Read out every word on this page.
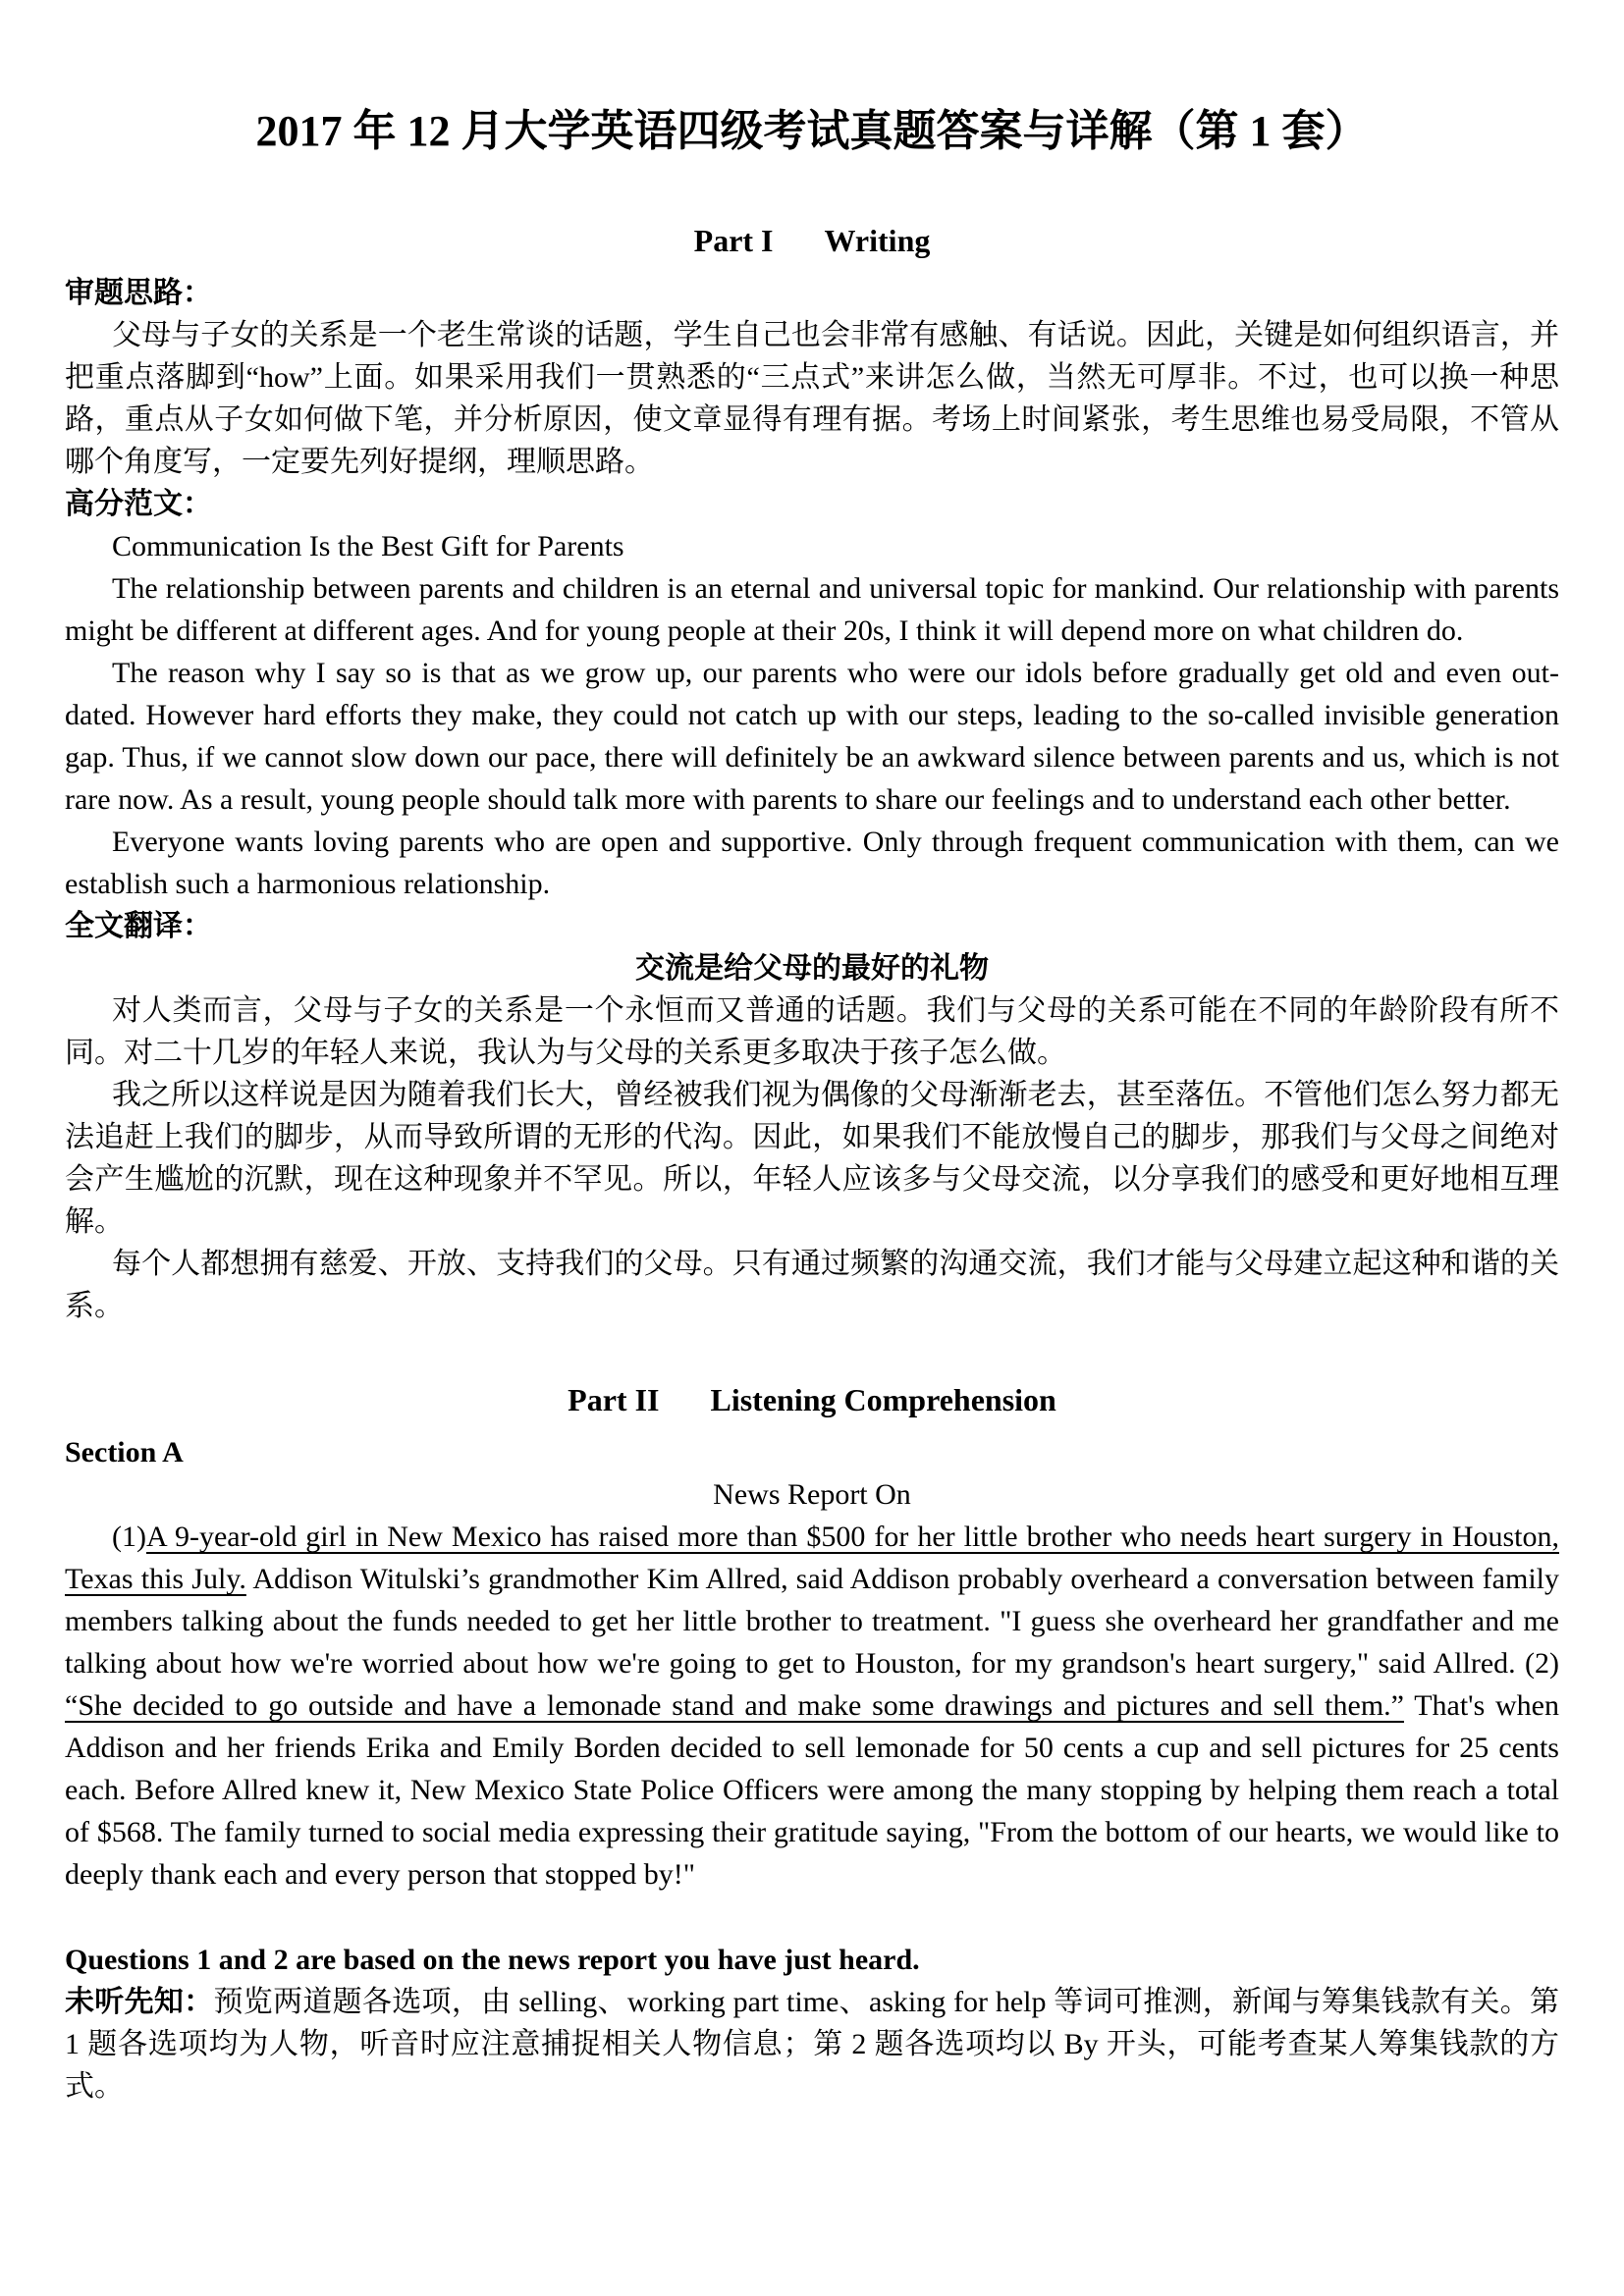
2017 年 12 月大学英语四级考试真题答案与详解（第 1 套）
Part I Writing
审题思路：

父母与子女的关系是一个老生常谈的话题，学生自己也会非常有感触、有话说。因此，关键是如何组织语言，并把重点落脚到“how”上面。如果采用我们一贯熟悉的“三点式”来讲怎么做，当然无可厚非。不过，也可以换一种思路，重点从子女如何做下笔，并分析原因，使文章显得有理有据。考场上时间紧张，考生思维也易受局限，不管从哪个角度写，一定要先列好提纲，理顺思路。

高分范文：

Communication Is the Best Gift for Parents

The relationship between parents and children is an eternal and universal topic for mankind. Our relationship with parents might be different at different ages. And for young people at their 20s, I think it will depend more on what children do.

The reason why I say so is that as we grow up, our parents who were our idols before gradually get old and even out-dated. However hard efforts they make, they could not catch up with our steps, leading to the so-called invisible generation gap. Thus, if we cannot slow down our pace, there will definitely be an awkward silence between parents and us, which is not rare now. As a result, young people should talk more with parents to share our feelings and to understand each other better.

Everyone wants loving parents who are open and supportive. Only through frequent communication with them, can we establish such a harmonious relationship.

全文翻译：
交流是给父母的最好的礼物

对人类而言，父母与子女的关系是一个永恒而又普通的话题。我们与父母的关系可能在不同的年龄阶段有所不同。对二十几岁的年轻人来说，我认为与父母的关系更多取决于孩子怎么做。

我之所以这样说是因为随着我们长大，曾经被我们视为偶像的父母渐渐老去，甚至落伍。不管他们怎么努力都无法追赶上我们的脚步，从而导致所谓的无形的代沟。因此，如果我们不能放慢自己的脚步，那我们与父母之间绝对会产生尴尬的沉默，现在这种现象并不罕见。所以，年轻人应该多与父母交流，以分享我们的感受和更好地相互理解。

每个人都想拥有慈爱、开放、支持我们的父母。只有通过频繁的沟通交流，我们才能与父母建立起这种和谐的关系。

Part II Listening Comprehension
Section A
News Report On

(1)A 9-year-old girl in New Mexico has raised more than $500 for her little brother who needs heart surgery in Houston, Texas this July. Addison Witulski’s grandmother Kim Allred, said Addison probably overheard a conversation between family members talking about the funds needed to get her little brother to treatment. "I guess she overheard her grandfather and me talking about how we're worried about how we're going to get to Houston, for my grandson's heart surgery," said Allred. (2) “She decided to go outside and have a lemonade stand and make some drawings and pictures and sell them.” That's when Addison and her friends Erika and Emily Borden decided to sell lemonade for 50 cents a cup and sell pictures for 25 cents each. Before Allred knew it, New Mexico State Police Officers were among the many stopping by helping them reach a total of $568. The family turned to social media expressing their gratitude saying, "From the bottom of our hearts, we would like to deeply thank each and every person that stopped by!"

Questions 1 and 2 are based on the news report you have just heard.

未听先知：预览两道题各选项，由 selling、working part time、asking for help 等词可推测，新闻与筹集钱款有关。第 1 题各选项均为人物，听音时应注意捕捉相关人物信息；第 2 题各选项均以 By 开头，可能考查某人筹集钱款的方式。
